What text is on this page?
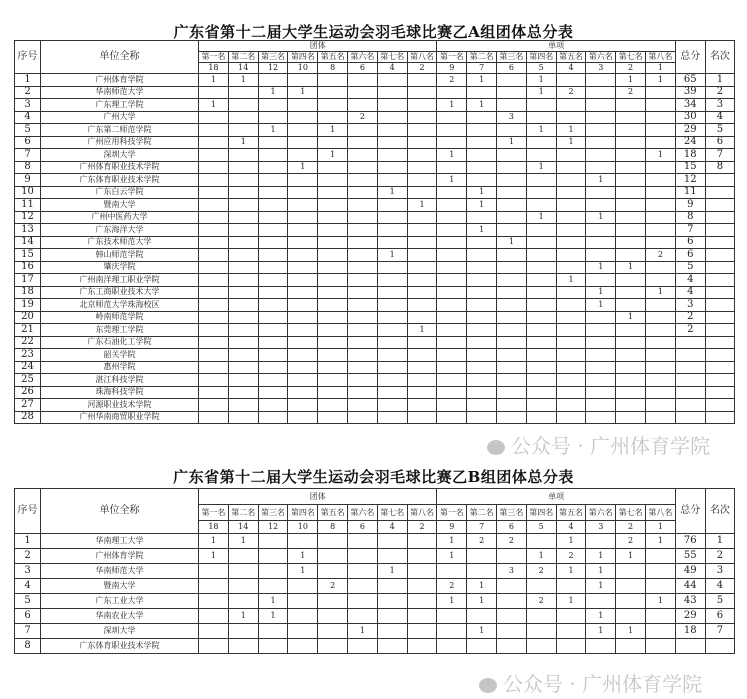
广东省第十二届大学生运动会羽毛球比赛乙A组团体总分表
序号	单位全称	团体								单项								总分	名次
		第一名	第二名	第三名	第四名	第五名	第六名	第七名	第八名	第一名	第二名	第三名	第四名	第五名	第六名	第七名	第八名		
		18	14	12	10	8	6	4	2	9	7	6	5	4	3	2	1		
1	广州体育学院	1	1							2	1		1			1	1	65	1
2	华南师范大学			1	1								1	2		2		39	2
3	广东理工学院	1								1	1							34	3
4	广州大学						2					3						30	4
5	广东第二师范学院			1		1							1	1				29	5
6	广州应用科技学院		1									1		1				24	6
7	深圳大学					1				1							1	18	7
8	广州体育职业技术学院				1								1					15	8
9	广东体育职业技术学院									1					1			12	
10	广东白云学院							1			1							11	
11	暨南大学								1		1							9	
12	广州中医药大学												1		1			8	
13	广东海洋大学										1							7	
14	广东技术师范大学											1						6	
15	韩山师范学院							1									2	6	
16	肇庆学院														1	1		5	
17	广州南洋理工职业学院													1				4	
18	广东工商职业技术大学														1		1	4	
19	北京师范大学珠海校区														1			3	
20	岭南师范学院															1		2	
21	东莞理工学院								1									2	
22	广东石油化工学院																		
23	韶关学院																		
24	惠州学院																		
25	湛江科技学院																		
26	珠海科技学院																		
27	河源职业技术学院																		
28	广州华南商贸职业学院																		
公众号 · 广州体育学院
广东省第十二届大学生运动会羽毛球比赛乙B组团体总分表
序号	单位全称	团体								单项								总分	名次
		第一名	第二名	第三名	第四名	第五名	第六名	第七名	第八名	第一名	第二名	第三名	第四名	第五名	第六名	第七名	第八名		
		18	14	12	10	8	6	4	2	9	7	6	5	4	3	2	1		
1	华南理工大学	1	1							1	2	2		1		2	1	76	1
2	广州体育学院	1			1					1			1	2	1	1		55	2
3	华南师范大学				1			1				3	2	1	1			49	3
4	暨南大学					2				2	1				1			44	4
5	广东工业大学			1						1	1		2	1			1	43	5
6	华南农业大学		1	1											1			29	6
7	深圳大学						1				1				1	1		18	7
8	广东体育职业技术学院																		
公众号 · 广州体育学院
